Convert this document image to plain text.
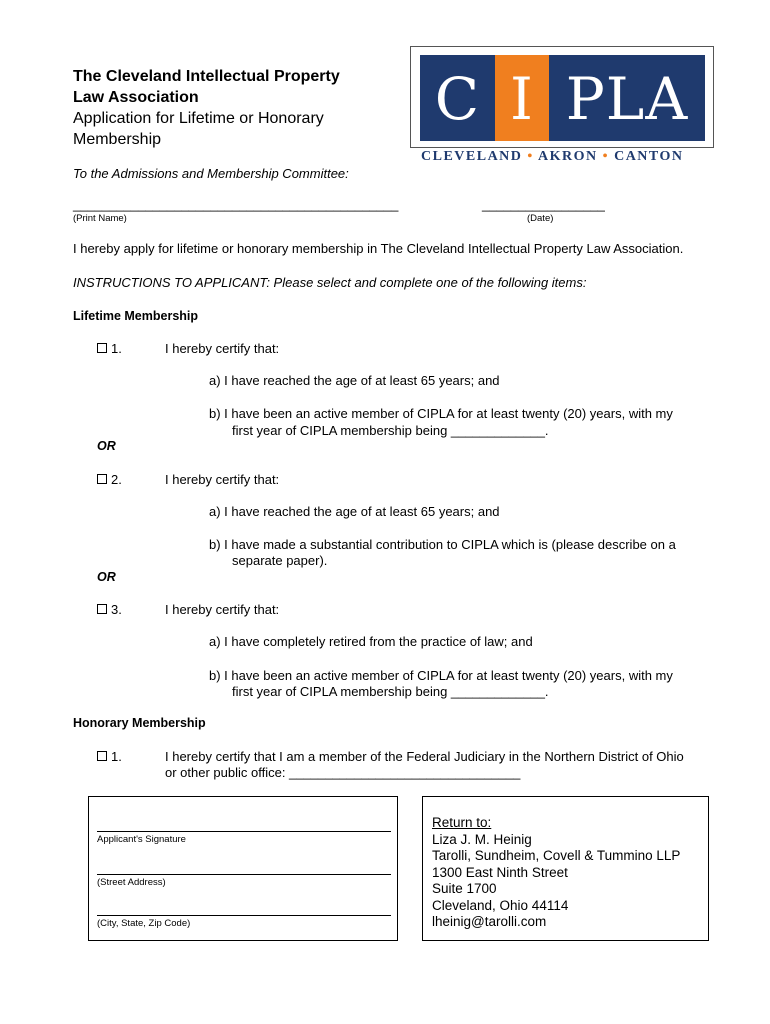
The Cleveland Intellectual Property
Law Association
Application for Lifetime or Honorary
Membership
To the Admissions and Membership Committee:
C I PLA
CLEVELAND • AKRON • CANTON
_____________________________________________
(Print Name)
_________________
(Date)
I hereby apply for lifetime or honorary membership in The Cleveland Intellectual Property Law Association.
INSTRUCTIONS TO APPLICANT: Please select and complete one of the following items:
Lifetime Membership
1.	I hereby certify that:
a) I have reached the age of at least 65 years; and
b) I have been an active member of CIPLA for at least twenty (20) years, with my
first year of CIPLA membership being _____________.
OR
2.	I hereby certify that:
a) I have reached the age of at least 65 years; and
b) I have made a substantial contribution to CIPLA which is (please describe on a
separate paper).
OR
3.	I hereby certify that:
a) I have completely retired from the practice of law; and
b) I have been an active member of CIPLA for at least twenty (20) years, with my
first year of CIPLA membership being _____________.
Honorary Membership
1.	I hereby certify that I am a member of the Federal Judiciary in the Northern District of Ohio
or other public office: ________________________________
Applicant's Signature
(Street Address)
(City, State, Zip Code)
Return to:
Liza J. M. Heinig
Tarolli, Sundheim, Covell & Tummino LLP
1300 East Ninth Street
Suite 1700
Cleveland, Ohio 44114
lheinig@tarolli.com
